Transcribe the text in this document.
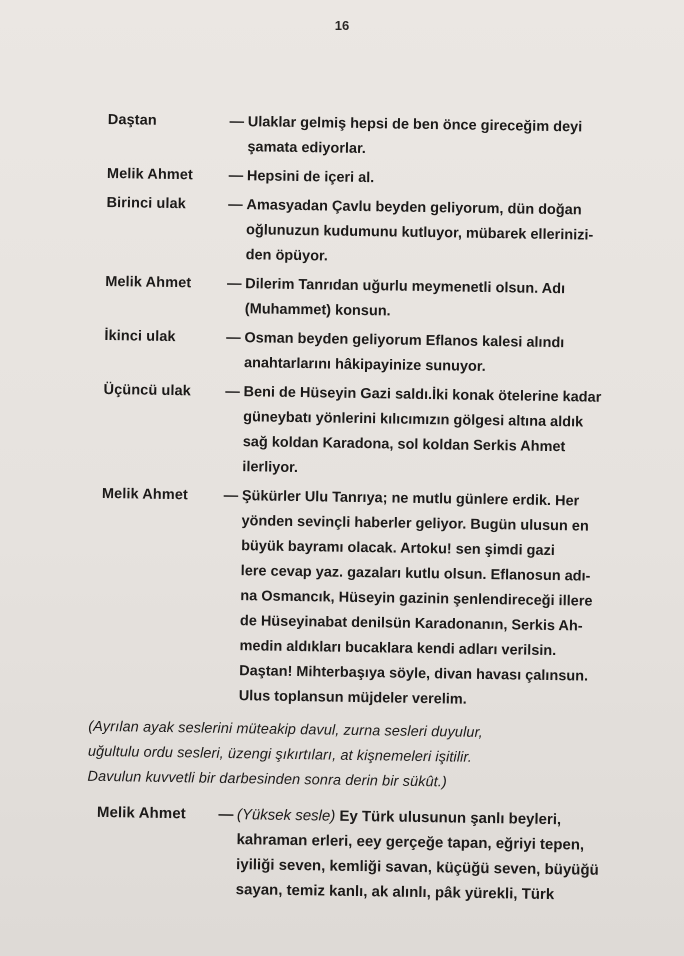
16
Daştan	— Ulaklar gelmiş hepsi de ben önce gireceğim deyi
şamata ediyorlar.
Melik Ahmet	— Hepsini de içeri al.
Birinci ulak	— Amasyadan Çavlu beyden geliyorum, dün doğan
oğlunuzun kudumunu kutluyor, mübarek ellerinizi-
den öpüyor.
Melik Ahmet	— Dilerim Tanrıdan uğurlu meymenetli olsun. Adı
(Muhammet) konsun.
İkinci ulak	— Osman beyden geliyorum Eflanos kalesi alındı
anahtarlarını hâkipayinize sunuyor.
Üçüncü ulak	— Beni de Hüseyin Gazi saldı.İki konak ötelerine kadar
güneybatı yönlerini kılıcımızın gölgesi altına aldık
sağ koldan Karadona, sol koldan Serkis Ahmet
ilerliyor.
Melik Ahmet	— Şükürler Ulu Tanrıya; ne mutlu günlere erdik. Her
yönden sevinçli haberler geliyor. Bugün ulusun en
büyük bayramı olacak. Artoku! sen şimdi gazi
lere cevap yaz. gazaları kutlu olsun. Eflanosun adı-
na Osmancık, Hüseyin gazinin şenlendireceği illere
de Hüseyinabat denilsün Karadonanın, Serkis Ah-
medin aldıkları bucaklara kendi adları verilsin.
Daştan! Mihterbaşıya söyle, divan havası çalınsun.
Ulus toplansun müjdeler verelim.
(Ayrılan ayak seslerini müteakip davul, zurna sesleri duyulur,
uğultulu ordu sesleri, üzengi şıkırtıları, at kişnemeleri işitilir.
Davulun kuvvetli bir darbesinden sonra derin bir sükût.)
Melik Ahmet	— (Yüksek sesle) Ey Türk ulusunun şanlı beyleri,
kahraman erleri, eey gerçeğe tapan, eğriyi tepen,
iyiliği seven, kemliği savan, küçüğü seven, büyüğü
sayan, temiz kanlı, ak alınlı, pâk yürekli, Türk
